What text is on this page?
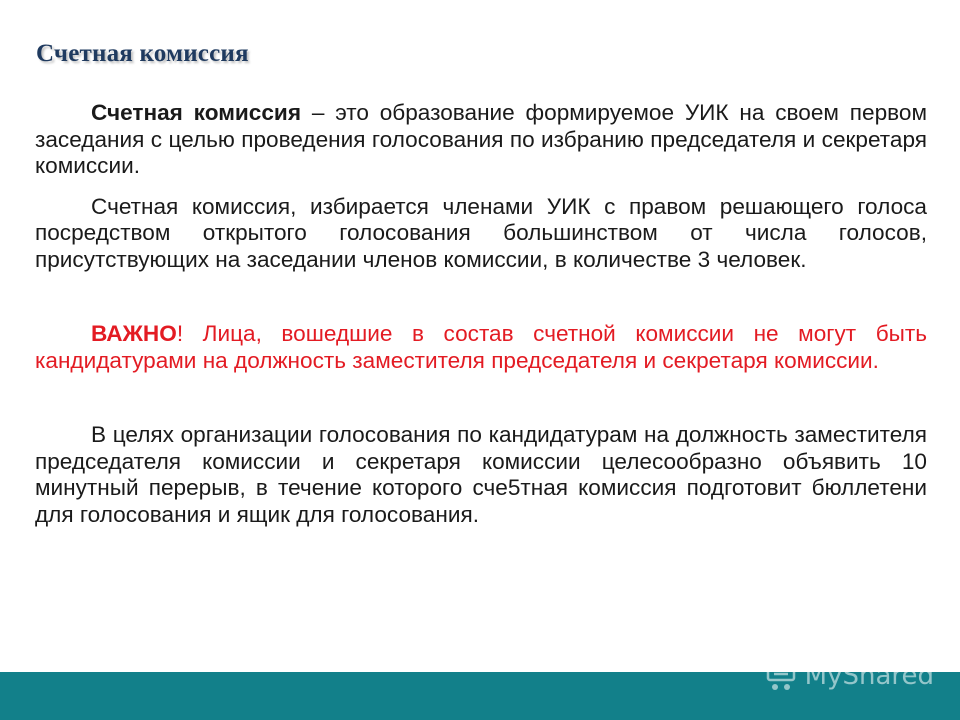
Счетная комиссия

Счетная комиссия – это образование формируемое УИК на своем первом заседания с целью проведения голосования по избранию председателя и секретаря комиссии.

Счетная комиссия, избирается членами УИК с правом решающего голоса посредством открытого голосования большинством от числа голосов, присутствующих на заседании членов комиссии, в количестве 3 человек.

ВАЖНО! Лица, вошедшие в состав счетной комиссии не могут быть кандидатурами на должность заместителя председателя и секретаря комиссии.

В целях организации голосования по кандидатурам на должность заместителя председателя комиссии и секретаря комиссии целесообразно объявить 10 минутный перерыв, в течение которого сче5тная комиссия подготовит бюллетени для голосования и ящик для голосования.

MyShared
